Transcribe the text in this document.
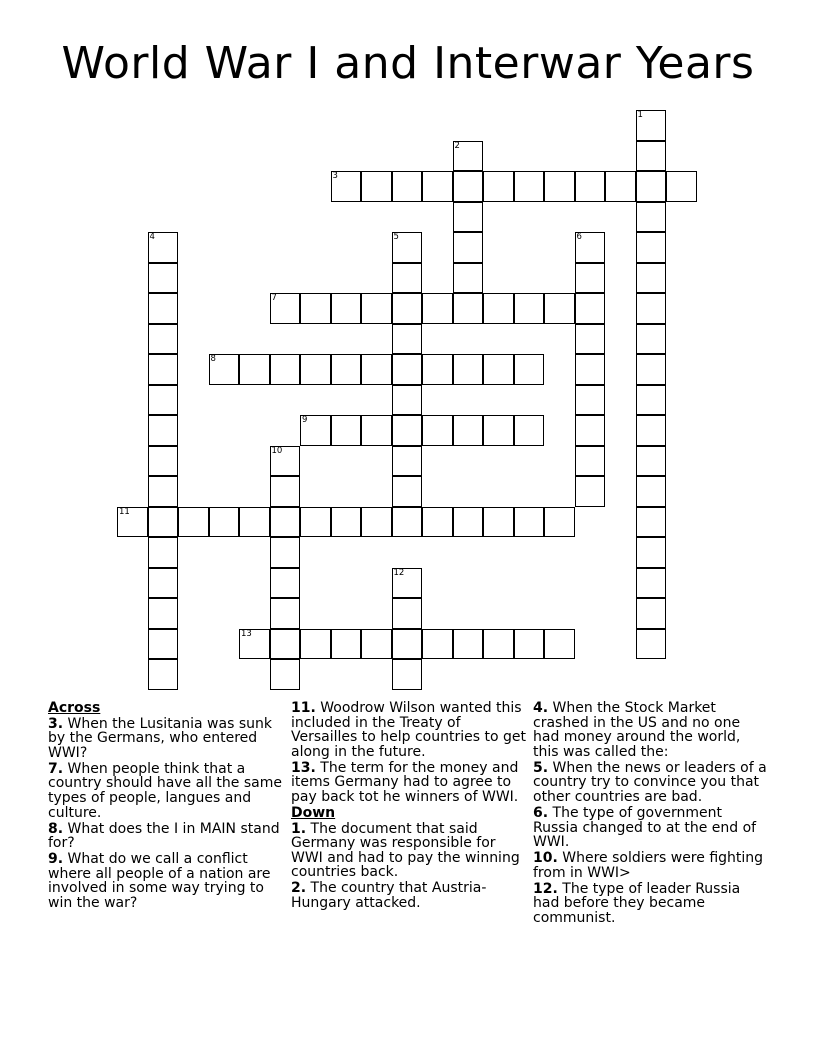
World War I and Interwar Years
1
2
3
4	5	6
7
8
9
10
11
12
13
Across
3. When the Lusitania was sunk by the Germans, who entered WWI?
7. When people think that a country should have all the same types of people, langues and culture.
8. What does the I in MAIN stand for?
9. What do we call a conflict where all people of a nation are involved in some way trying to win the war?
11. Woodrow Wilson wanted this included in the Treaty of Versailles to help countries to get along in the future.
13. The term for the money and items Germany had to agree to pay back tot he winners of WWI.
Down
1. The document that said Germany was responsible for WWI and had to pay the winning countries back.
2. The country that Austria-Hungary attacked.
4. When the Stock Market crashed in the US and no one had money around the world, this was called the:
5. When the news or leaders of a country try to convince you that other countries are bad.
6. The type of government Russia changed to at the end of WWI.
10. Where soldiers were fighting from in WWI>
12. The type of leader Russia had before they became communist.
